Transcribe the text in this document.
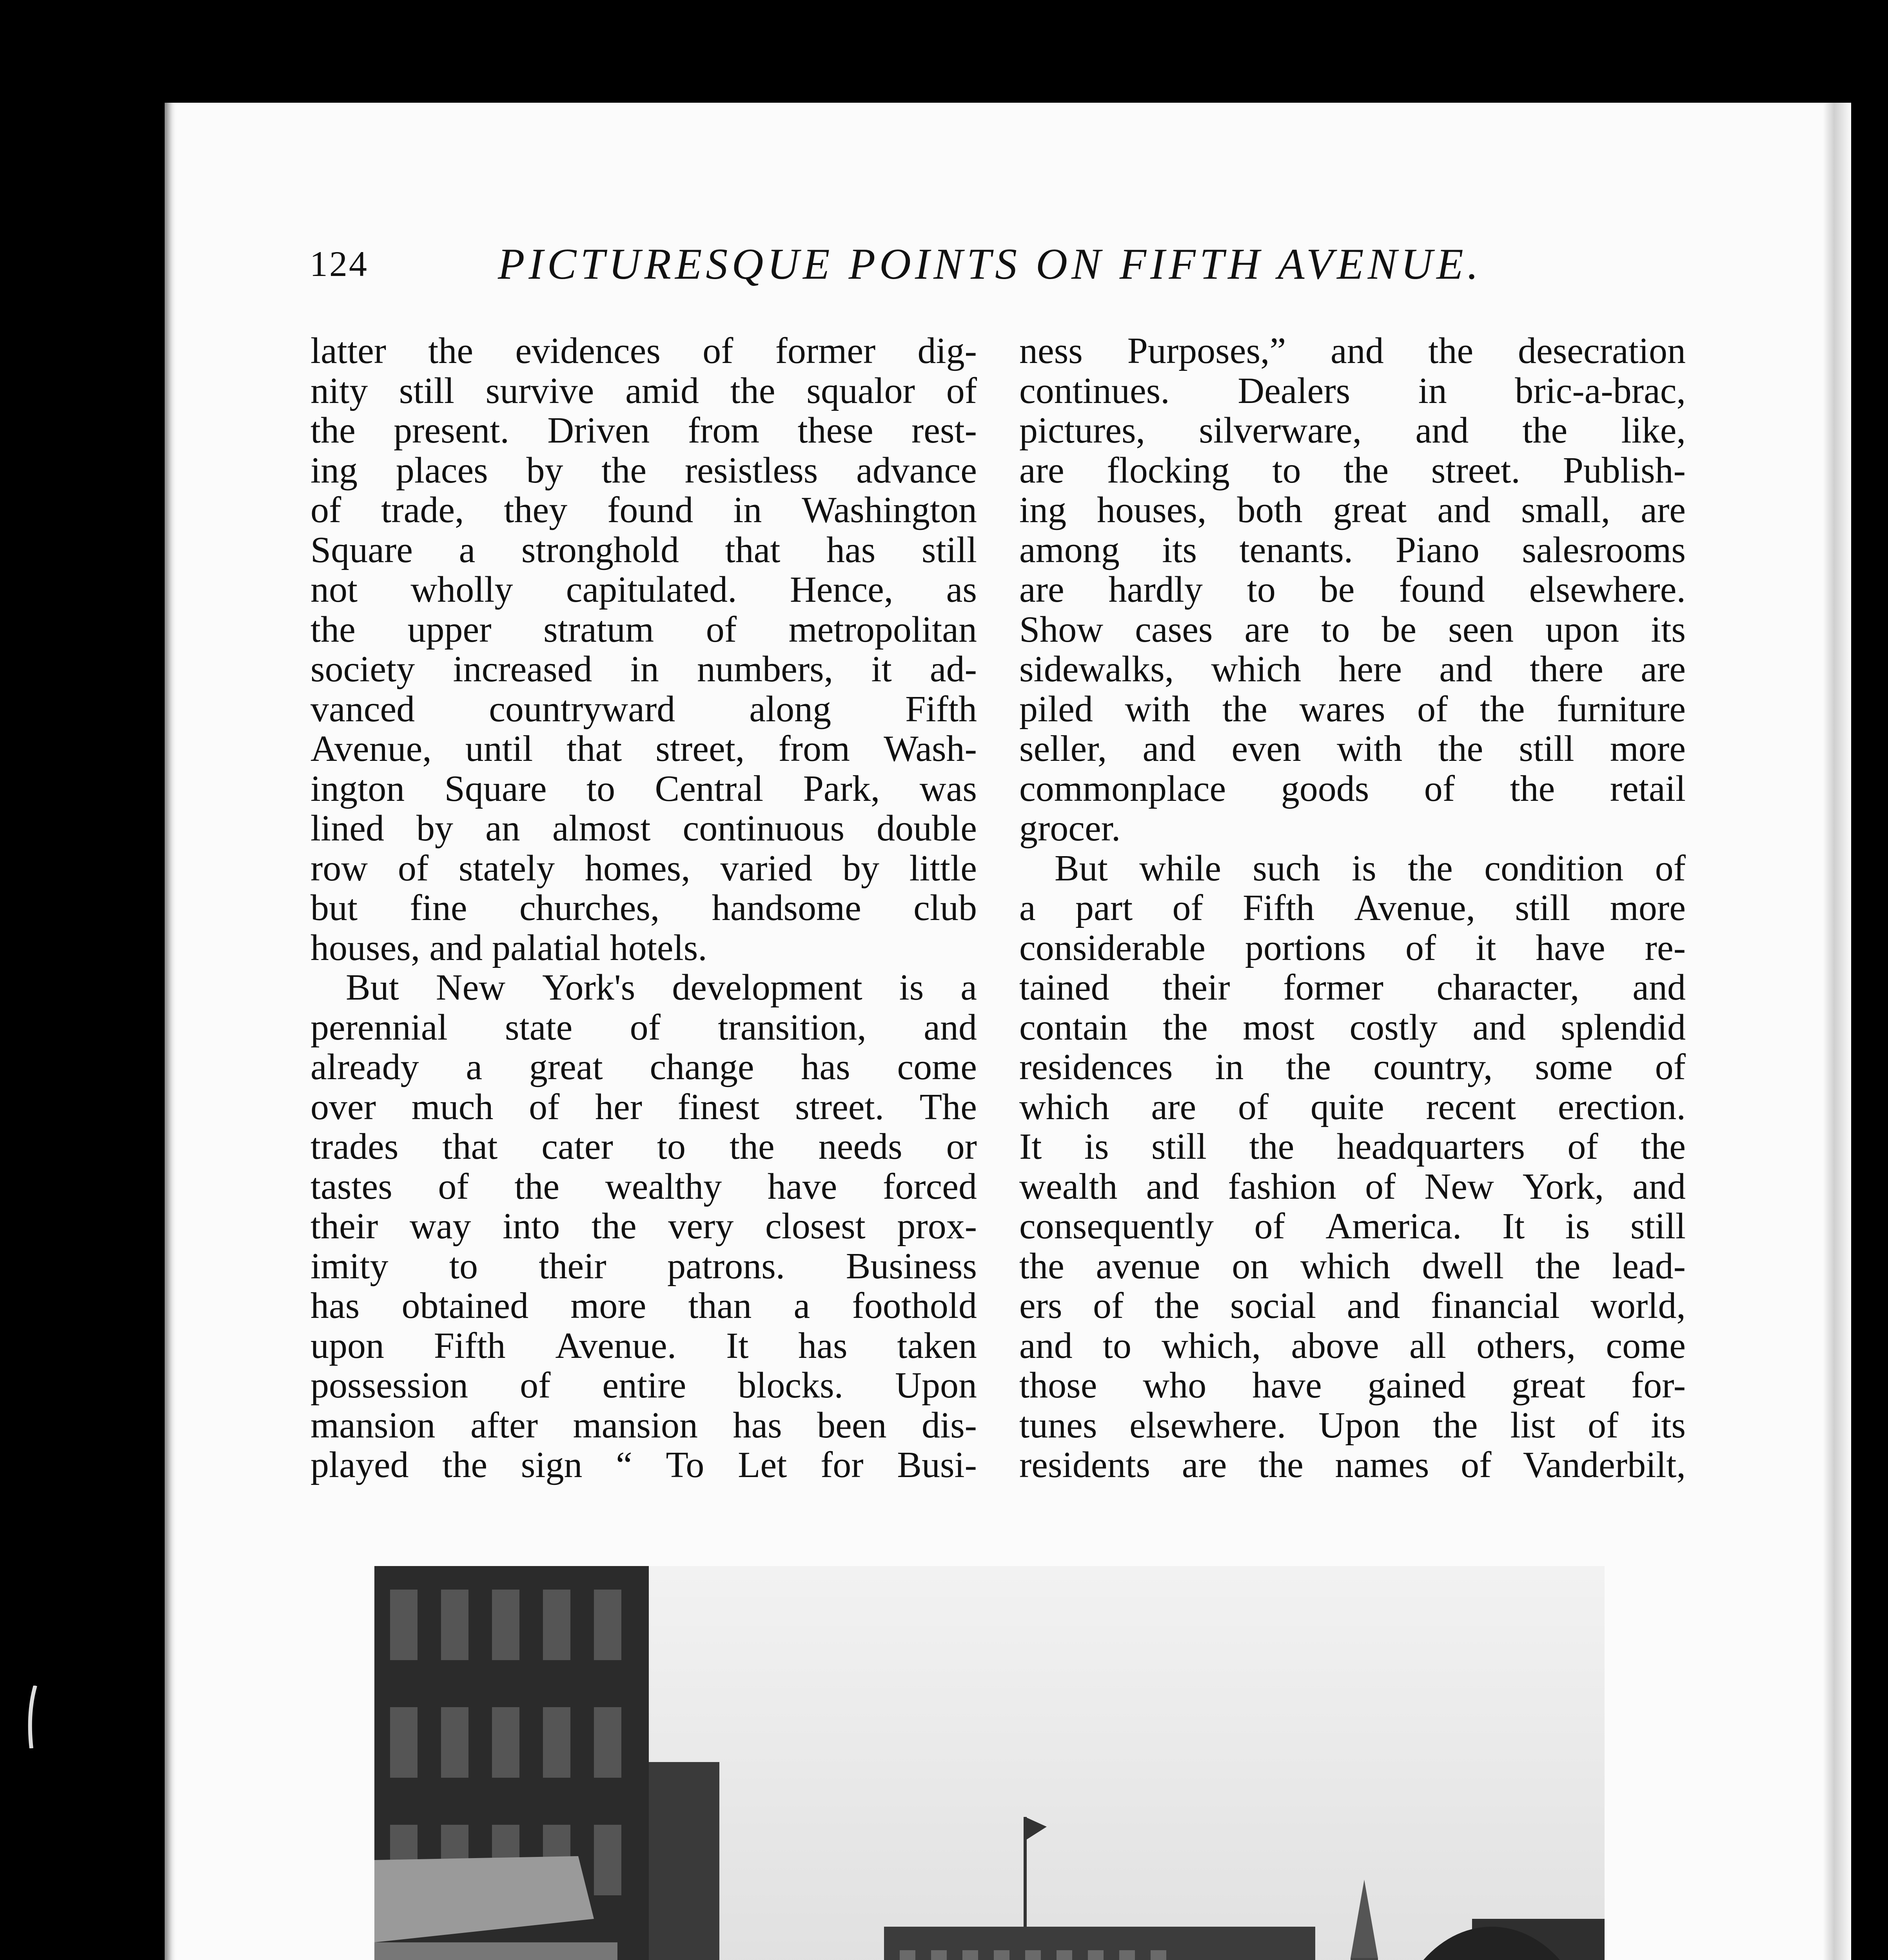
124	PICTURESQUE POINTS ON FIFTH AVENUE.
latter the evidences of former dig-
nity still survive amid the squalor of
the present. Driven from these rest-
ing places by the resistless advance
of trade, they found in Washington
Square a stronghold that has still
not wholly capitulated. Hence, as
the upper stratum of metropolitan
society increased in numbers, it ad-
vanced countryward along Fifth
Avenue, until that street, from Wash-
ington Square to Central Park, was
lined by an almost continuous double
row of stately homes, varied by little
but fine churches, handsome club
houses, and palatial hotels.
But New York's development is a
perennial state of transition, and
already a great change has come
over much of her finest street. The
trades that cater to the needs or
tastes of the wealthy have forced
their way into the very closest prox-
imity to their patrons. Business
has obtained more than a foothold
upon Fifth Avenue. It has taken
possession of entire blocks. Upon
mansion after mansion has been dis-
played the sign “ To Let for Busi-
ness Purposes,” and the desecration
continues. Dealers in bric-a-brac,
pictures, silverware, and the like,
are flocking to the street. Publish-
ing houses, both great and small, are
among its tenants. Piano salesrooms
are hardly to be found elsewhere.
Show cases are to be seen upon its
sidewalks, which here and there are
piled with the wares of the furniture
seller, and even with the still more
commonplace goods of the retail
grocer.
But while such is the condition of
a part of Fifth Avenue, still more
considerable portions of it have re-
tained their former character, and
contain the most costly and splendid
residences in the country, some of
which are of quite recent erection.
It is still the headquarters of the
wealth and fashion of New York, and
consequently of America. It is still
the avenue on which dwell the lead-
ers of the social and financial world,
and to which, above all others, come
those who have gained great for-
tunes elsewhere. Upon the list of its
residents are the names of Vanderbilt,
